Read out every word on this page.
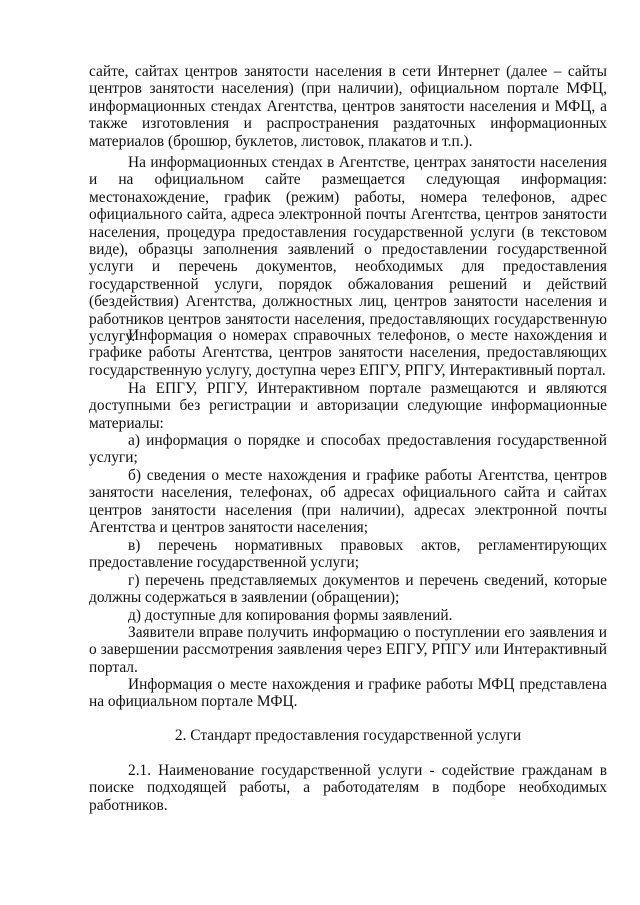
сайте, сайтах центров занятости населения в сети Интернет (далее – сайты центров занятости населения) (при наличии), официальном портале МФЦ, информационных стендах Агентства, центров занятости населения и МФЦ, а также изготовления и распространения раздаточных информационных материалов (брошюр, буклетов, листовок, плакатов и т.п.).

На информационных стендах в Агентстве, центрах занятости населения и на официальном сайте размещается следующая информация: местонахождение, график (режим) работы, номера телефонов, адрес официального сайта, адреса электронной почты Агентства, центров занятости населения, процедура предоставления государственной услуги (в текстовом виде), образцы заполнения заявлений о предоставлении государственной услуги и перечень документов, необходимых для предоставления государственной услуги, порядок обжалования решений и действий (бездействия) Агентства, должностных лиц, центров занятости населения и работников центров занятости населения, предоставляющих государственную услугу.

Информация о номерах справочных телефонов, о месте нахождения и графике работы Агентства, центров занятости населения, предоставляющих государственную услугу, доступна через ЕПГУ, РПГУ, Интерактивный портал.

На ЕПГУ, РПГУ, Интерактивном портале размещаются и являются доступными без регистрации и авторизации следующие информационные материалы:

а) информация о порядке и способах предоставления государственной услуги;

б) сведения о месте нахождения и графике работы Агентства, центров занятости населения, телефонах, об адресах официального сайта и сайтах центров занятости населения (при наличии), адресах электронной почты Агентства и центров занятости населения;

в) перечень нормативных правовых актов, регламентирующих предоставление государственной услуги;

г) перечень представляемых документов и перечень сведений, которые должны содержаться в заявлении (обращении);

д) доступные для копирования формы заявлений.

Заявители вправе получить информацию о поступлении его заявления и о завершении рассмотрения заявления через ЕПГУ, РПГУ или Интерактивный портал.

Информация о месте нахождения и графике работы МФЦ представлена на официальном портале МФЦ.

2. Стандарт предоставления государственной услуги

2.1. Наименование государственной услуги - содействие гражданам в поиске подходящей работы, а работодателям в подборе необходимых работников.
